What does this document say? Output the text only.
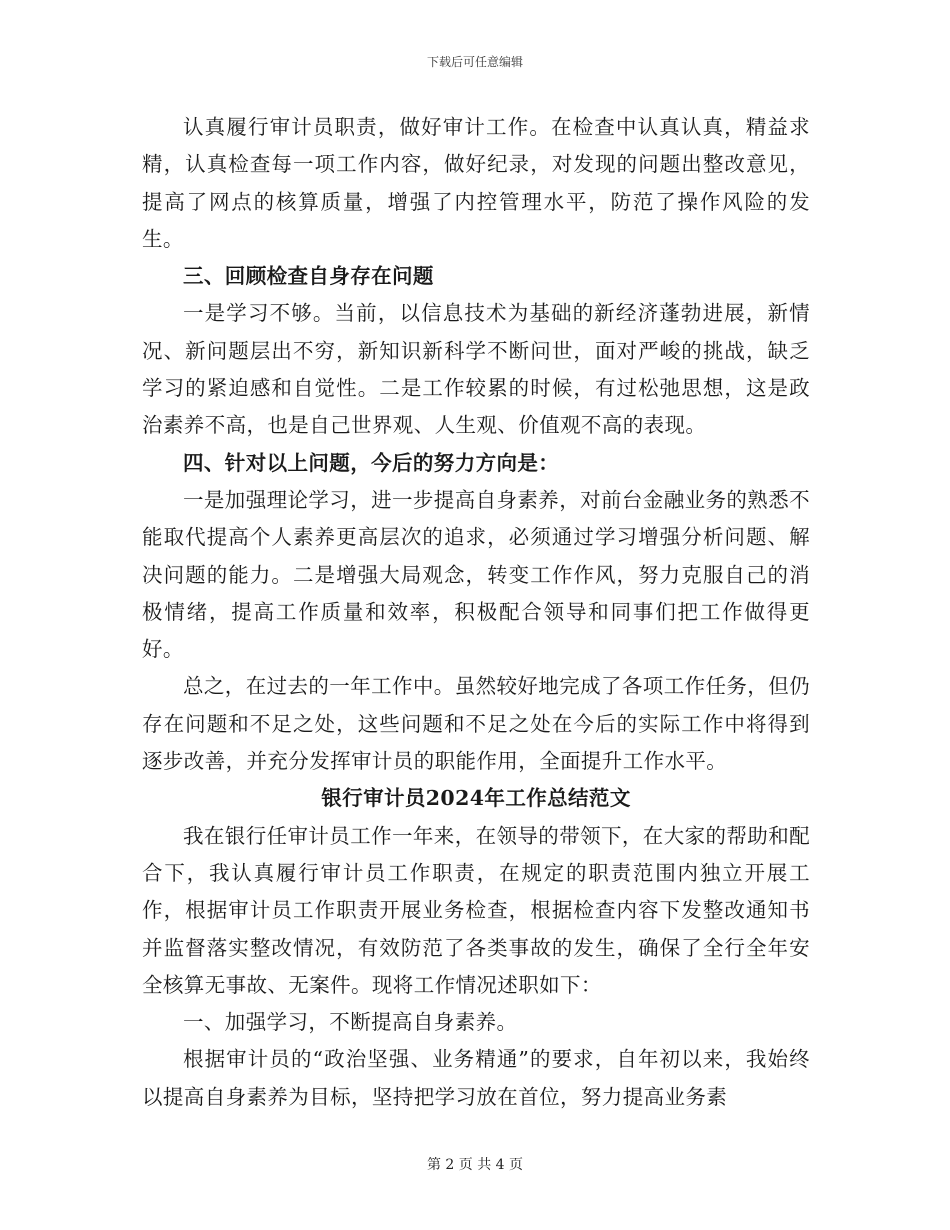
下载后可任意编辑

认真履行审计员职责，做好审计工作。在检查中认真认真，精益求精，认真检查每一项工作内容，做好纪录，对发现的问题出整改意见，提高了网点的核算质量，增强了内控管理水平，防范了操作风险的发生。

三、回顾检查自身存在问题

一是学习不够。当前，以信息技术为基础的新经济蓬勃进展，新情况、新问题层出不穷，新知识新科学不断问世，面对严峻的挑战，缺乏学习的紧迫感和自觉性。二是工作较累的时候，有过松弛思想，这是政治素养不高，也是自己世界观、人生观、价值观不高的表现。

四、针对以上问题，今后的努力方向是：

一是加强理论学习，进一步提高自身素养，对前台金融业务的熟悉不能取代提高个人素养更高层次的追求，必须通过学习增强分析问题、解决问题的能力。二是增强大局观念，转变工作作风，努力克服自己的消极情绪，提高工作质量和效率，积极配合领导和同事们把工作做得更好。

总之，在过去的一年工作中。虽然较好地完成了各项工作任务，但仍存在问题和不足之处，这些问题和不足之处在今后的实际工作中将得到逐步改善，并充分发挥审计员的职能作用，全面提升工作水平。

银行审计员2024年工作总结范文

我在银行任审计员工作一年来，在领导的带领下，在大家的帮助和配合下，我认真履行审计员工作职责，在规定的职责范围内独立开展工作，根据审计员工作职责开展业务检查，根据检查内容下发整改通知书并监督落实整改情况，有效防范了各类事故的发生，确保了全行全年安全核算无事故、无案件。现将工作情况述职如下：

一、加强学习，不断提高自身素养。

根据审计员的“政治坚强、业务精通”的要求，自年初以来，我始终以提高自身素养为目标，坚持把学习放在首位，努力提高业务素

第 2 页 共 4 页
